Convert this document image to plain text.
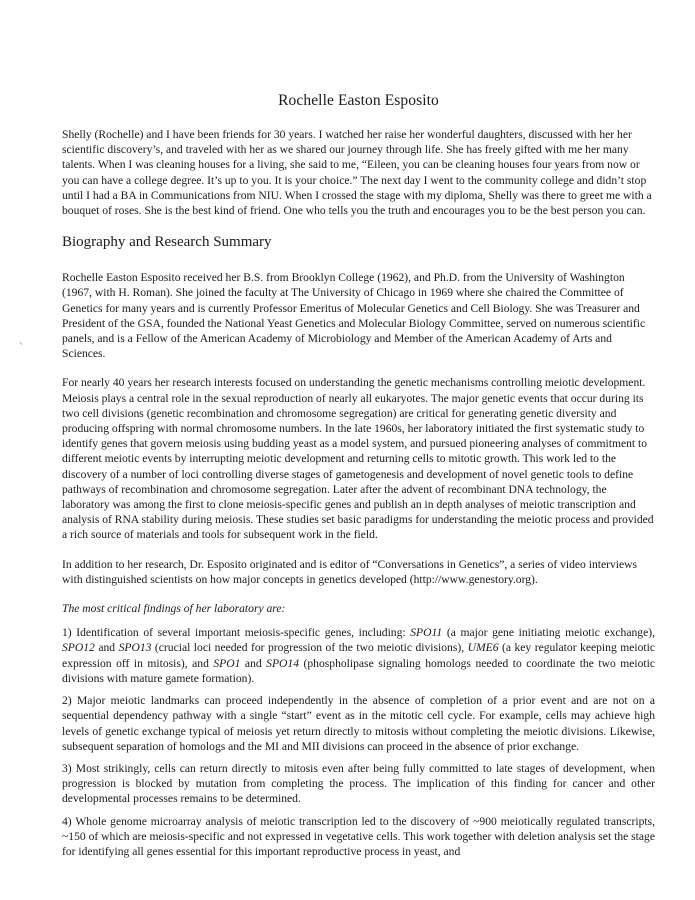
Rochelle Easton Esposito

Shelly (Rochelle) and I have been friends for 30 years. I watched her raise her wonderful daughters, discussed with her her scientific discovery’s, and traveled with her as we shared our journey through life. She has freely gifted with me her many talents. When I was cleaning houses for a living, she said to me, “Eileen, you can be cleaning houses four years from now or you can have a college degree. It’s up to you. It is your choice.” The next day I went to the community college and didn’t stop until I had a BA in Communications from NIU. When I crossed the stage with my diploma, Shelly was there to greet me with a bouquet of roses. She is the best kind of friend. One who tells you the truth and encourages you to be the best person you can.

Biography and Research Summary

Rochelle Easton Esposito received her B.S. from Brooklyn College (1962), and Ph.D. from the University of Washington (1967, with H. Roman). She joined the faculty at The University of Chicago in 1969 where she chaired the Committee of Genetics for many years and is currently Professor Emeritus of Molecular Genetics and Cell Biology. She was Treasurer and President of the GSA, founded the National Yeast Genetics and Molecular Biology Committee, served on numerous scientific panels, and is a Fellow of the American Academy of Microbiology and Member of the American Academy of Arts and Sciences.

For nearly 40 years her research interests focused on understanding the genetic mechanisms controlling meiotic development. Meiosis plays a central role in the sexual reproduction of nearly all eukaryotes. The major genetic events that occur during its two cell divisions (genetic recombination and chromosome segregation) are critical for generating genetic diversity and producing offspring with normal chromosome numbers. In the late 1960s, her laboratory initiated the first systematic study to identify genes that govern meiosis using budding yeast as a model system, and pursued pioneering analyses of commitment to different meiotic events by interrupting meiotic development and returning cells to mitotic growth. This work led to the discovery of a number of loci controlling diverse stages of gametogenesis and development of novel genetic tools to define pathways of recombination and chromosome segregation. Later after the advent of recombinant DNA technology, the laboratory was among the first to clone meiosis-specific genes and publish an in depth analyses of meiotic transcription and analysis of RNA stability during meiosis. These studies set basic paradigms for understanding the meiotic process and provided a rich source of materials and tools for subsequent work in the field.

In addition to her research, Dr. Esposito originated and is editor of “Conversations in Genetics”, a series of video interviews with distinguished scientists on how major concepts in genetics developed (http://www.genestory.org).

The most critical findings of her laboratory are:

1) Identification of several important meiosis-specific genes, including: SPO11 (a major gene initiating meiotic exchange), SPO12 and SPO13 (crucial loci needed for progression of the two meiotic divisions), UME6 (a key regulator keeping meiotic expression off in mitosis), and SPO1 and SPO14 (phospholipase signaling homologs needed to coordinate the two meiotic divisions with mature gamete formation).

2) Major meiotic landmarks can proceed independently in the absence of completion of a prior event and are not on a sequential dependency pathway with a single “start” event as in the mitotic cell cycle. For example, cells may achieve high levels of genetic exchange typical of meiosis yet return directly to mitosis without completing the meiotic divisions. Likewise, subsequent separation of homologs and the MI and MII divisions can proceed in the absence of prior exchange.

3) Most strikingly, cells can return directly to mitosis even after being fully committed to late stages of development, when progression is blocked by mutation from completing the process. The implication of this finding for cancer and other developmental processes remains to be determined.

4) Whole genome microarray analysis of meiotic transcription led to the discovery of ~900 meiotically regulated transcripts, ~150 of which are meiosis-specific and not expressed in vegetative cells. This work together with deletion analysis set the stage for identifying all genes essential for this important reproductive process in yeast, and
